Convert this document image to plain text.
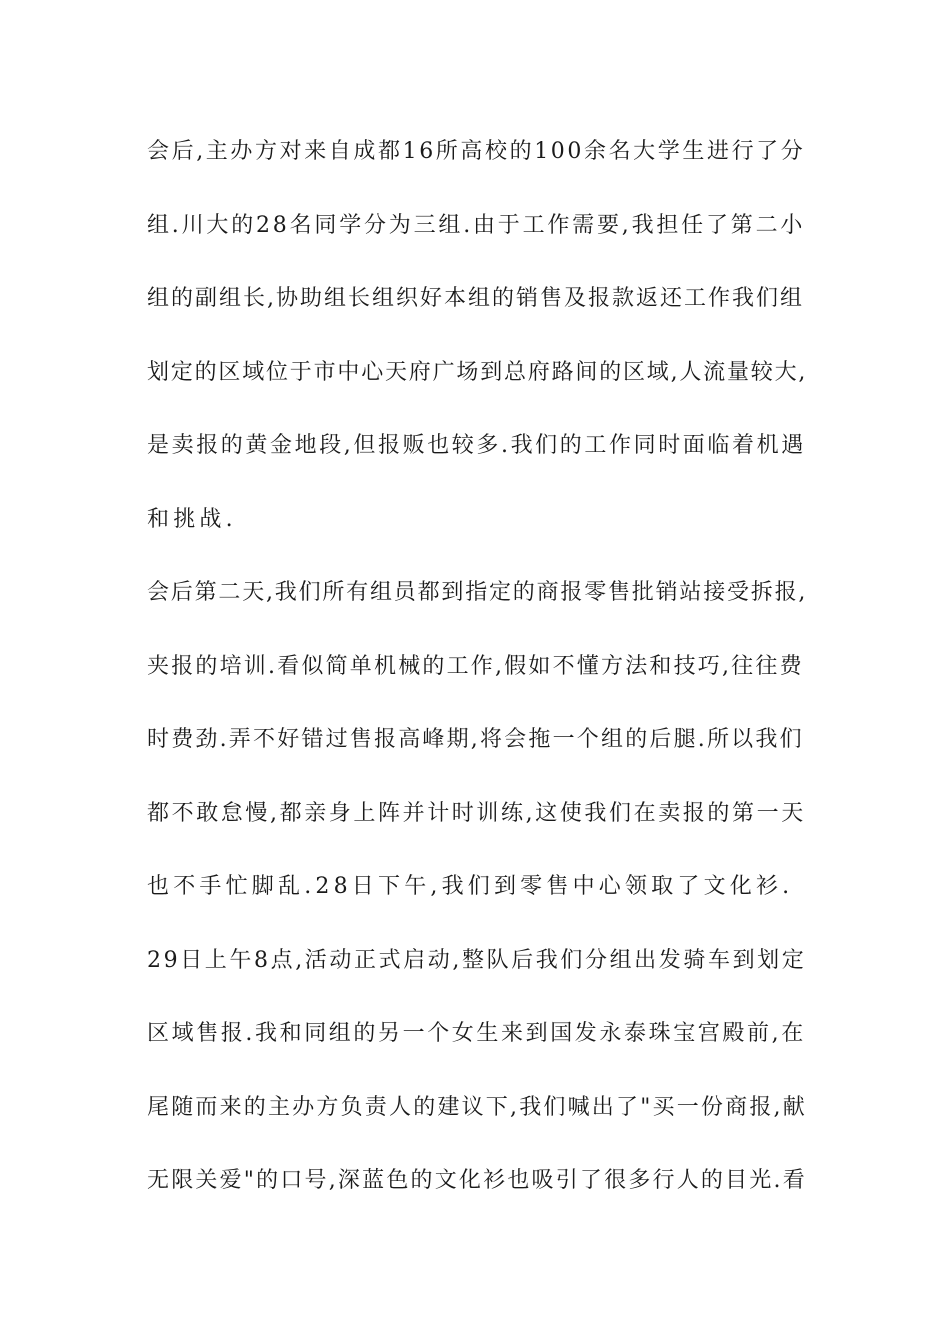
会后,主办方对来自成都16所高校的100余名大学生进行了分
组.川大的28名同学分为三组.由于工作需要,我担任了第二小
组的副组长,协助组长组织好本组的销售及报款返还工作我们组
划定的区域位于市中心天府广场到总府路间的区域,人流量较大,
是卖报的黄金地段,但报贩也较多.我们的工作同时面临着机遇
和挑战.
会后第二天,我们所有组员都到指定的商报零售批销站接受拆报,
夹报的培训.看似简单机械的工作,假如不懂方法和技巧,往往费
时费劲.弄不好错过售报高峰期,将会拖一个组的后腿.所以我们
都不敢怠慢,都亲身上阵并计时训练,这使我们在卖报的第一天
也不手忙脚乱.28日下午,我们到零售中心领取了文化衫.
29日上午8点,活动正式启动,整队后我们分组出发骑车到划定
区域售报.我和同组的另一个女生来到国发永泰珠宝宫殿前,在
尾随而来的主办方负责人的建议下,我们喊出了"买一份商报,献
无限关爱"的口号,深蓝色的文化衫也吸引了很多行人的目光.看
